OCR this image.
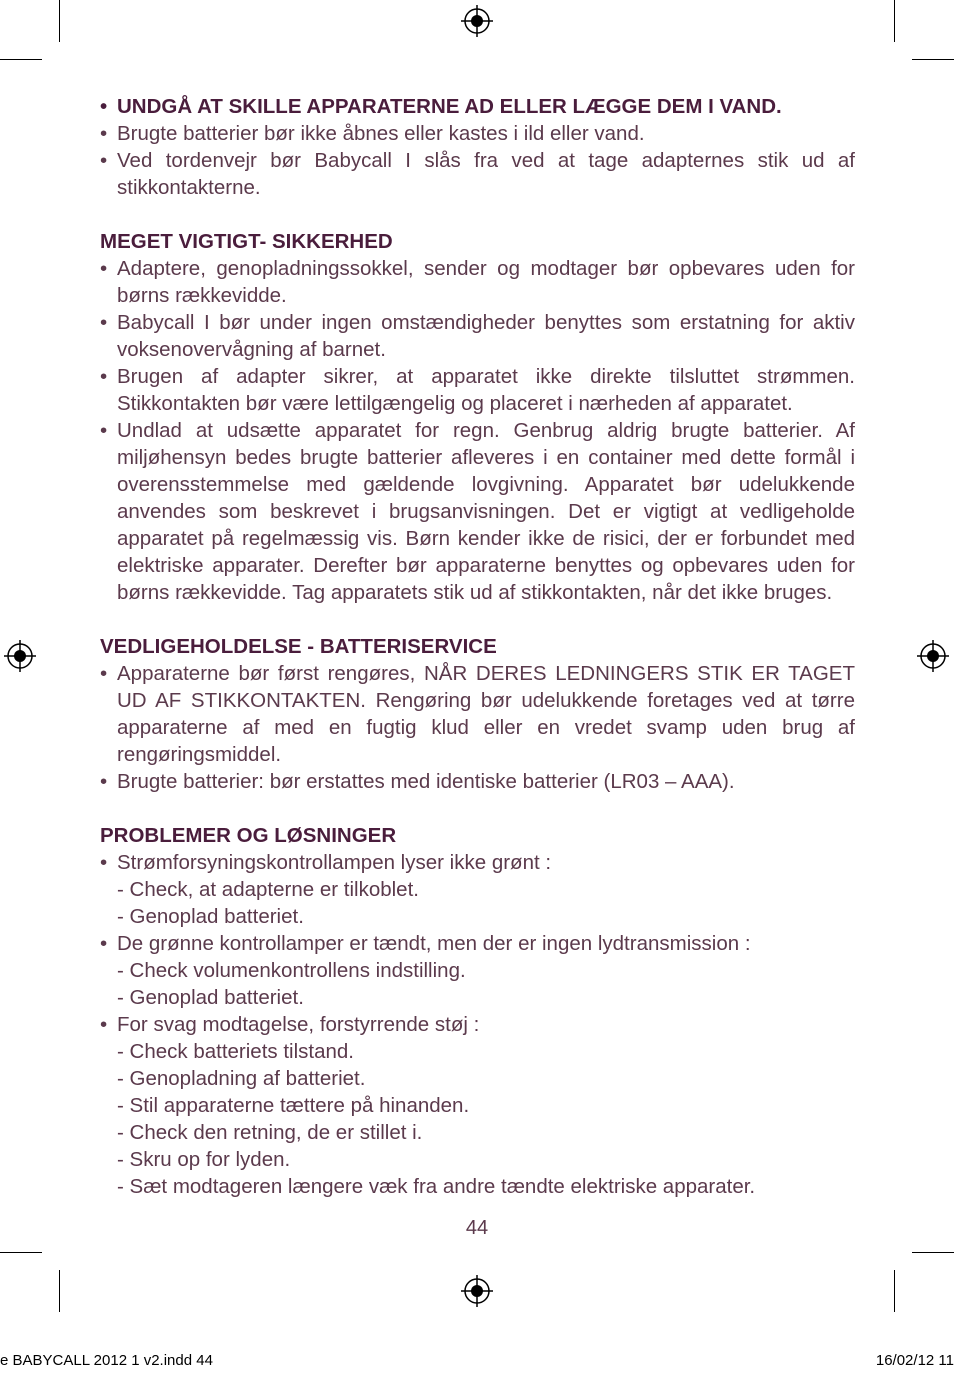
• UNDGÅ AT SKILLE APPARATERNE AD ELLER LÆGGE DEM I VAND.
• Brugte batterier bør ikke åbnes eller kastes i ild eller vand.
• Ved tordenvejr bør Babycall I slås fra ved at tage adapternes stik ud af stikkontakterne.
MEGET VIGTIGT- SIKKERHED
• Adaptere, genopladningssokkel, sender og modtager bør opbevares uden for børns rækkevidde.
• Babycall I bør under ingen omstændigheder benyttes som erstatning for aktiv voksenovervågning af barnet.
• Brugen af adapter sikrer, at apparatet ikke direkte tilsluttet strømmen. Stikkontakten bør være lettilgængelig og placeret i nærheden af apparatet.
• Undlad at udsætte apparatet for regn. Genbrug aldrig brugte batterier. Af miljøhensyn bedes brugte batterier afleveres i en container med dette formål i overensstemmelse med gældende lovgivning. Apparatet bør udelukkende anvendes som beskrevet i brugsanvisningen. Det er vigtigt at vedligeholde apparatet på regelmæssig vis. Børn kender ikke de risici, der er forbundet med elektriske apparater. Derefter bør apparaterne benyttes og opbevares uden for børns rækkevidde. Tag apparatets stik ud af stikkontakten, når det ikke bruges.
VEDLIGEHOLDELSE - BATTERISERVICE
• Apparaterne bør først rengøres, NÅR DERES LEDNINGERS STIK ER TAGET UD AF STIKKONTAKTEN. Rengøring bør udelukkende foretages ved at tørre apparaterne af med en fugtig klud eller en vredet svamp uden brug af rengøringsmiddel.
• Brugte batterier: bør erstattes med identiske batterier (LR03 – AAA).
PROBLEMER OG LØSNINGER
• Strømforsyningskontrollampen lyser ikke grønt :
- Check, at adapterne er tilkoblet.
- Genoplad batteriet.
• De grønne kontrollamper er tændt, men der er ingen lydtransmission :
- Check volumenkontrollens indstilling.
- Genoplad batteriet.
• For svag modtagelse, forstyrrende støj :
- Check batteriets tilstand.
- Genopladning af batteriet.
- Stil apparaterne tættere på hinanden.
- Check den retning, de er stillet i.
- Skru op for lyden.
- Sæt modtageren længere væk fra andre tændte elektriske apparater.
44
e BABYCALL 2012 1 v2.indd 44	16/02/12 11
